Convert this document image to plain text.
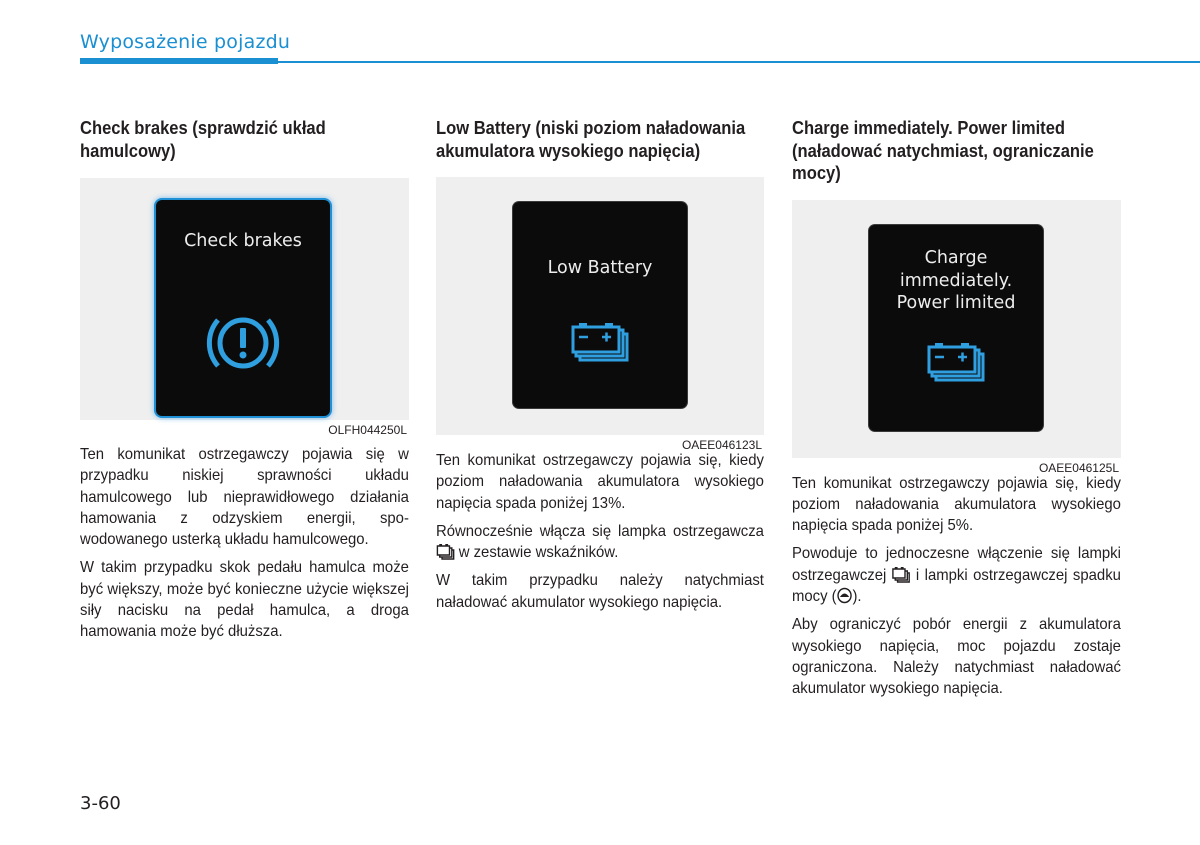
Wyposażenie pojazdu
Check brakes (sprawdzić układ hamulcowy)
Check brakes
OLFH044250L

Ten komunikat ostrzegawczy pojawia się w przypadku niskiej sprawności układu hamulcowego lub nieprawidłowego działania hamowania z odzyskiem energii, spowodowanego usterką układu hamulcowego.

W takim przypadku skok pedału hamulca może być większy, może być konieczne użycie większej siły nacisku na pedał hamulca, a droga hamowania może być dłuższa.

Low Battery (niski poziom naładowania akumulatora wysokiego napięcia)
Low Battery
OAEE046123L

Ten komunikat ostrzegawczy pojawia się, kiedy poziom naładowania akumulatora wysokiego napięcia spada poniżej 13%.

Równocześnie włącza się lampka ostrzegawcza  w zestawie wskaźników.

W takim przypadku należy natychmiast naładować akumulator wysokiego napięcia.

Charge immediately. Power limited (naładować natychmiast, ograniczanie mocy)
Charge
immediately.
Power limited
OAEE046125L

Ten komunikat ostrzegawczy pojawia się, kiedy poziom naładowania akumulatora wysokiego napięcia spada poniżej 5%.

Powoduje to jednoczesne włączenie się lampki ostrzegawczej i lampki ostrzegawczej spadku mocy ( ).

Aby ograniczyć pobór energii z akumulatora wysokiego napięcia, moc pojazdu zostaje ograniczona. Należy natychmiast naładować akumulator wysokiego napięcia.

3-60
